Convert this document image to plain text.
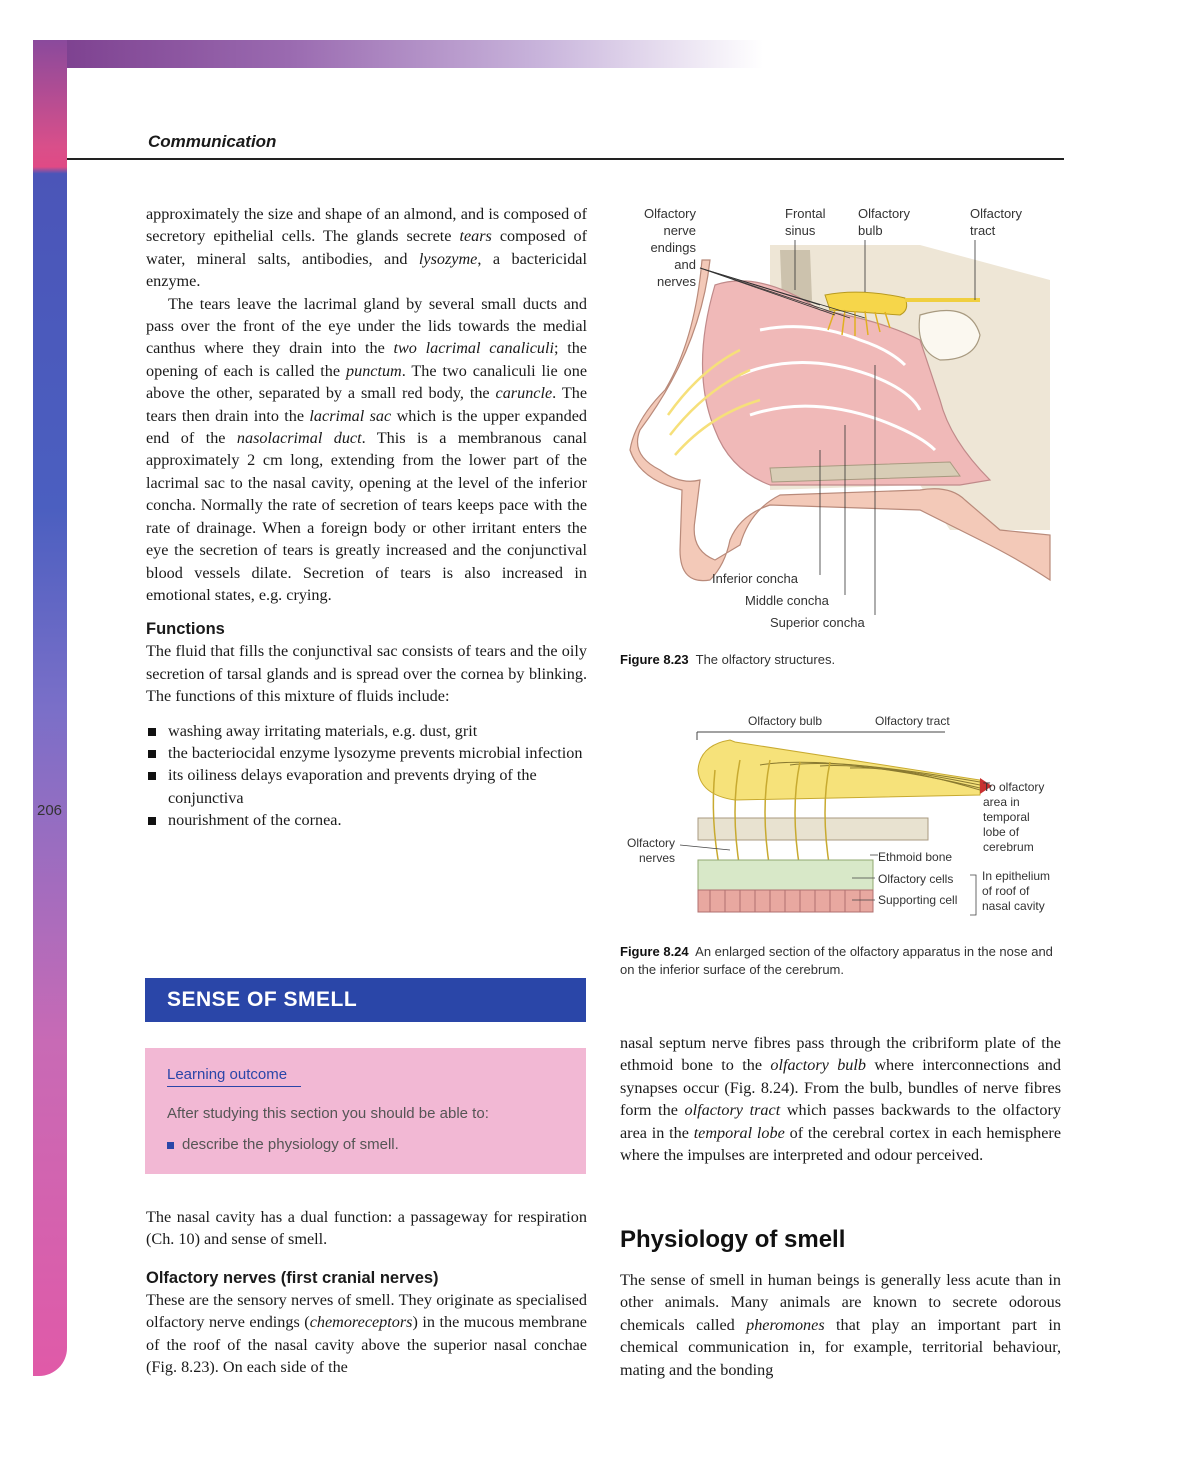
Communication
206

approximately the size and shape of an almond, and is composed of secretory epithelial cells. The glands secrete tears composed of water, mineral salts, antibodies, and lysozyme, a bactericidal enzyme.

The tears leave the lacrimal gland by several small ducts and pass over the front of the eye under the lids towards the medial canthus where they drain into the two lacrimal canaliculi; the opening of each is called the punctum. The two canaliculi lie one above the other, separated by a small red body, the caruncle. The tears then drain into the lacrimal sac which is the upper expanded end of the nasolacrimal duct. This is a membranous canal approximately 2 cm long, extending from the lower part of the lacrimal sac to the nasal cavity, opening at the level of the inferior concha. Normally the rate of secretion of tears keeps pace with the rate of drainage. When a foreign body or other irritant enters the eye the secretion of tears is greatly increased and the conjunctival blood vessels dilate. Secretion of tears is also increased in emotional states, e.g. crying.

Functions

The fluid that fills the conjunctival sac consists of tears and the oily secretion of tarsal glands and is spread over the cornea by blinking. The functions of this mixture of fluids include:

washing away irritating materials, e.g. dust, grit
the bacteriocidal enzyme lysozyme prevents microbial infection
its oiliness delays evaporation and prevents drying of the conjunctiva
nourishment of the cornea.
SENSE OF SMELL
Learning outcome
After studying this section you should be able to:
describe the physiology of smell.

The nasal cavity has a dual function: a passageway for respiration (Ch. 10) and sense of smell.

Olfactory nerves (first cranial nerves)

These are the sensory nerves of smell. They originate as specialised olfactory nerve endings (chemoreceptors) in the mucous membrane of the roof of the nasal cavity above the superior nasal conchae (Fig. 8.23). On each side of the

Olfactory
nerve
endings
and nerves
Frontal
sinus
Olfactory
bulb
Olfactory
tract
Inferior concha
Middle concha
Superior concha
Figure 8.23 The olfactory structures.
Olfactory bulb	Olfactory tract
To olfactory
area in
temporal
lobe of
cerebrum
Olfactory
nerves	Ethmoid bone
Olfactory cells
Supporting cell
In epithelium
of roof of
nasal cavity
Figure 8.24 An enlarged section of the olfactory apparatus in the nose and on the inferior surface of the cerebrum.

nasal septum nerve fibres pass through the cribriform plate of the ethmoid bone to the olfactory bulb where interconnections and synapses occur (Fig. 8.24). From the bulb, bundles of nerve fibres form the olfactory tract which passes backwards to the olfactory area in the temporal lobe of the cerebral cortex in each hemisphere where the impulses are interpreted and odour perceived.

Physiology of smell

The sense of smell in human beings is generally less acute than in other animals. Many animals are known to secrete odorous chemicals called pheromones that play an important part in chemical communication in, for example, territorial behaviour, mating and the bonding
